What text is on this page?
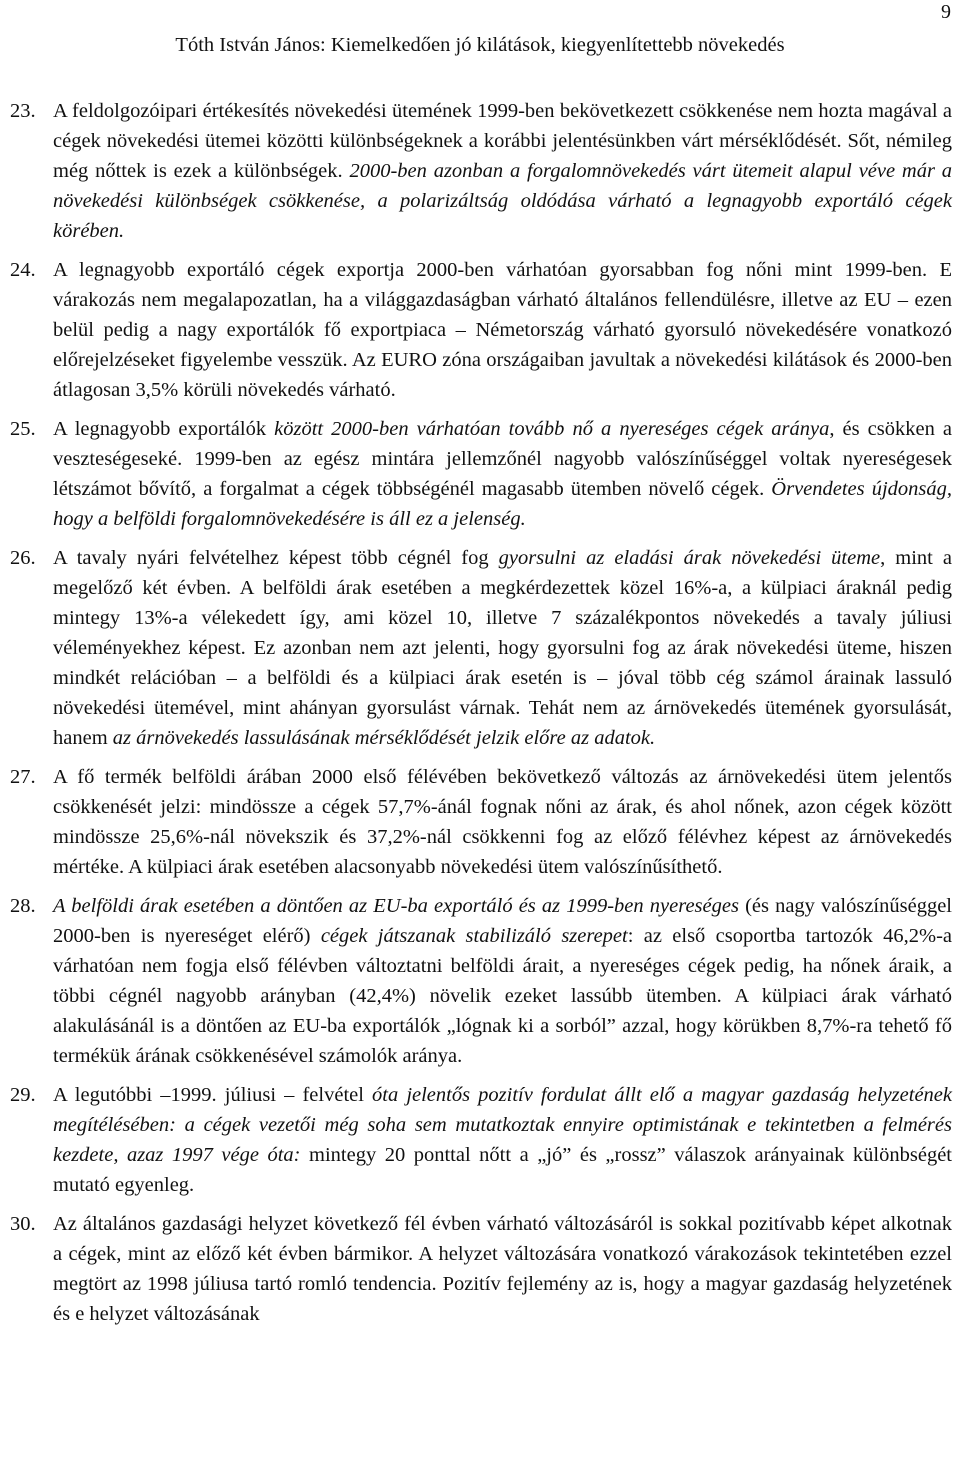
9
Tóth István János: Kiemelkedően jó kilátások, kiegyenlítettebb növekedés
23. A feldolgozóipari értékesítés növekedési ütemének 1999-ben bekövetkezett csökkenése nem hozta magával a cégek növekedési ütemei közötti különbségeknek a korábbi jelentésünkben várt mérséklődését. Sőt, némileg még nőttek is ezek a különbségek. 2000-ben azonban a forgalomnövekedés várt ütemeit alapul véve már a növekedési különbségek csökkenése, a polarizáltság oldódása várható a legnagyobb exportáló cégek körében.
24. A legnagyobb exportáló cégek exportja 2000-ben várhatóan gyorsabban fog nőni mint 1999-ben. E várakozás nem megalapozatlan, ha a világgazdaságban várható általános fellendülésre, illetve az EU – ezen belül pedig a nagy exportálók fő exportpiaca – Németország várható gyorsuló növekedésére vonatkozó előrejelzéseket figyelembe vesszük. Az EURO zóna országaiban javultak a növekedési kilátások és 2000-ben átlagosan 3,5% körüli növekedés várható.
25. A legnagyobb exportálók között 2000-ben várhatóan tovább nő a nyereséges cégek aránya, és csökken a veszteségeseké. 1999-ben az egész mintára jellemzőnél nagyobb valószínűséggel voltak nyereségesek létszámot bővítő, a forgalmat a cégek többségénél magasabb ütemben növelő cégek. Örvendetes újdonság, hogy a belföldi forgalomnövekedésére is áll ez a jelenség.
26. A tavaly nyári felvételhez képest több cégnél fog gyorsulni az eladási árak növekedési üteme, mint a megelőző két évben. A belföldi árak esetében a megkérdezettek közel 16%-a, a külpiaci áraknál pedig mintegy 13%-a vélekedett így, ami közel 10, illetve 7 százalékpontos növekedés a tavaly júliusi véleményekhez képest. Ez azonban nem azt jelenti, hogy gyorsulni fog az árak növekedési üteme, hiszen mindkét relációban – a belföldi és a külpiaci árak esetén is – jóval több cég számol árainak lassuló növekedési ütemével, mint ahányan gyorsulást várnak. Tehát nem az árnövekedés ütemének gyorsulását, hanem az árnövekedés lassulásának mérséklődését jelzik előre az adatok.
27. A fő termék belföldi árában 2000 első félévében bekövetkező változás az árnövekedési ütem jelentős csökkenését jelzi: mindössze a cégek 57,7%-ánál fognak nőni az árak, és ahol nőnek, azon cégek között mindössze 25,6%-nál növekszik és 37,2%-nál csökkenni fog az előző félévhez képest az árnövekedés mértéke. A külpiaci árak esetében alacsonyabb növekedési ütem valószínűsíthető.
28. A belföldi árak esetében a döntően az EU-ba exportáló és az 1999-ben nyereséges (és nagy valószínűséggel 2000-ben is nyereséget elérő) cégek játszanak stabilizáló szerepet: az első csoportba tartozók 46,2%-a várhatóan nem fogja első félévben változtatni belföldi árait, a nyereséges cégek pedig, ha nőnek áraik, a többi cégnél nagyobb arányban (42,4%) növelik ezeket lassúbb ütemben. A külpiaci árak várható alakulásánál is a döntően az EU-ba exportálók „lógnak ki a sorból” azzal, hogy körükben 8,7%-ra tehető fő termékük árának csökkenésével számolók aránya.
29. A legutóbbi –1999. júliusi – felvétel óta jelentős pozitív fordulat állt elő a magyar gazdaság helyzetének megítélésében: a cégek vezetői még soha sem mutatkoztak ennyire optimistának e tekintetben a felmérés kezdete, azaz 1997 vége óta: mintegy 20 ponttal nőtt a „jó” és „rossz” válaszok arányainak különbségét mutató egyenleg.
30. Az általános gazdasági helyzet következő fél évben várható változásáról is sokkal pozitívabb képet alkotnak a cégek, mint az előző két évben bármikor. A helyzet változására vonatkozó várakozások tekintetében ezzel megtört az 1998 júliusa tartó romló tendencia. Pozitív fejlemény az is, hogy a magyar gazdaság helyzetének és e helyzet változásának
